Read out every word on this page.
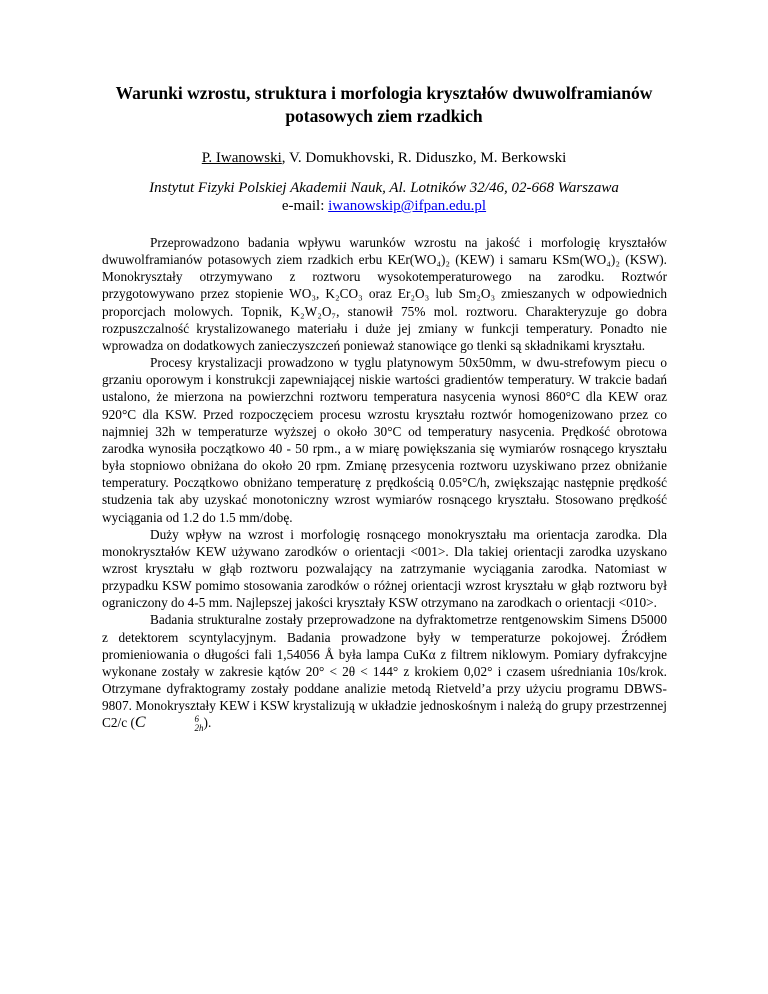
Warunki wzrostu, struktura i morfologia kryształów dwuwolframianów potasowych ziem rzadkich
P. Iwanowski, V. Domukhovski, R. Diduszko, M. Berkowski
Instytut Fizyki Polskiej Akademii Nauk, Al. Lotników 32/46, 02-668 Warszawa
e-mail: iwanowskip@ifpan.edu.pl

Przeprowadzono badania wpływu warunków wzrostu na jakość i morfologię kryształów dwuwolframianów potasowych ziem rzadkich erbu KEr(WO₄)₂ (KEW) i samaru KSm(WO₄)₂ (KSW). Monokryształy otrzymywano z roztworu wysokotemperaturowego na zarodku. Roztwór przygotowywano przez stopienie WO₃, K₂CO₃ oraz Er₂O₃ lub Sm₂O₃ zmieszanych w odpowiednich proporcjach molowych. Topnik, K₂W₂O₇, stanowił 75% mol. roztworu. Charakteryzuje go dobra rozpuszczalność krystalizowanego materiału i duże jej zmiany w funkcji temperatury. Ponadto nie wprowadza on dodatkowych zanieczyszczeń ponieważ stanowiące go tlenki są składnikami kryształu.

Procesy krystalizacji prowadzono w tyglu platynowym 50x50mm, w dwu-strefowym piecu o grzaniu oporowym i konstrukcji zapewniającej niskie wartości gradientów temperatury. W trakcie badań ustalono, że mierzona na powierzchni roztworu temperatura nasycenia wynosi 860°C dla KEW oraz 920°C dla KSW. Przed rozpoczęciem procesu wzrostu kryształu roztwór homogenizowano przez co najmniej 32h w temperaturze wyższej o około 30°C od temperatury nasycenia. Prędkość obrotowa zarodka wynosiła początkowo 40 - 50 rpm., a w miarę powiększania się wymiarów rosnącego kryształu była stopniowo obniżana do około 20 rpm. Zmianę przesycenia roztworu uzyskiwano przez obniżanie temperatury. Początkowo obniżano temperaturę z prędkością 0.05°C/h, zwiększając następnie prędkość studzenia tak aby uzyskać monotoniczny wzrost wymiarów rosnącego kryształu. Stosowano prędkość wyciągania od 1.2 do 1.5 mm/dobę.

Duży wpływ na wzrost i morfologię rosnącego monokryształu ma orientacja zarodka. Dla monokryształów KEW używano zarodków o orientacji <001>. Dla takiej orientacji zarodka uzyskano wzrost kryształu w głąb roztworu pozwalający na zatrzymanie wyciągania zarodka. Natomiast w przypadku KSW pomimo stosowania zarodków o różnej orientacji wzrost kryształu w głąb roztworu był ograniczony do 4-5 mm. Najlepszej jakości kryształy KSW otrzymano na zarodkach o orientacji <010>.

Badania strukturalne zostały przeprowadzone na dyfraktometrze rentgenowskim Simens D5000 z detektorem scyntylacyjnym. Badania prowadzone były w temperaturze pokojowej. Źródłem promieniowania o długości fali 1,54056 Å była lampa CuKα z filtrem niklowym. Pomiary dyfrakcyjne wykonane zostały w zakresie kątów 20° < 2θ < 144° z krokiem 0,02° i czasem uśredniania 10s/krok. Otrzymane dyfraktogramy zostały poddane analizie metodą Rietveld’a przy użyciu programu DBWS-9807. Monokryształy KEW i KSW krystalizują w układzie jednoskośnym i należą do grupy przestrzennej C2/c (C	6
2h ).
